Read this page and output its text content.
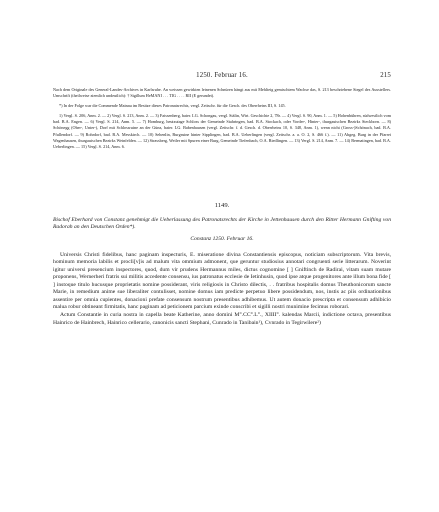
1250. Februar 16.	215

Nach dem Originale des General-Landes-Archives in Karlsruhe. An weissen gewirkten leinenen Schnüren hängt aus mit Mehlteig gemischtem Wachse das, S. 213 beschriebene Siegel des Ausstellers. Umschrift (theilweise ziemlich undeutlich): † Sigillum HeMANI . . . TIG . . . . RII (E gerundet).

*) In der Folge war die Commende Mainau im Besitze dieses Patronatsrechts, vergl. Zeitschr. für die Gesch. des Oberrheins III, S. 145.

1) Vergl. S. 206, Anm. 2. — 2) Vergl. S. 213, Anm. 2. — 3) Faissenberg, baier. LG. Schongau, vergl. Stälin, Wirt. Geschichte 2, 78r. — 4) Vergl. S. 90, Anm. 1. — 5) Hohenbühren, südwestlich vom bad. B.A. Engen. — 6) Vergl. S. 214, Anm. 5. — 7) Homburg, heutzutage Schloss der Gemeinde Stahringen, bad. B.A. Stockach, oder Vorder-, Hinter-, thurgauischen Bezirks Steckborn. — 8) Schönegg (Ober-, Unter-), Dorf mit Schlossruine an der Günz, baier. LG. Babenhausen (vergl. Zeitschr. f. d. Gesch. d. Oberrheins 10, S. 348, Anm. 1), wenn nicht (Gross-)Schönach, bad. B.A. Pfullendorf. — 9) Rohrdorf, bad. B.A. Messkirch. — 10) Sehenlin, Burgruine hinter Sipplingen, bad. B.A. Ueberlingen (vergl. Zeitschr. a. a. O. 2, S. 466 f.). — 11) Abgeg. Burg in der Pfarrei Wagenhausen, thurgauischen Bezirks Weinfelden. — 12) Strassberg, Weiler mit Spuren einer Burg, Gemeinde Tiefenbach, O.A. Riedlingen. — 13) Vergl. S. 214, Anm. 7. — 14) Bermatingen, bad. B.A. Ueberlingen. — 15) Vergl. S. 214, Anm. 6.

1149.
Bischof Eberhard von Constanz genehmigt die Ueberlassung des Patronatsrechts der Kirche in Jettenhausen durch den Ritter Hermann Gnifting von Radorah an den Deutschen Orden*).
Constanz 1250. Februar 16.

Universis Christi fidelibus, hanc paginam inspecturis, E. miseratione divina Constantiensis episcopus, noticiam subscriptorum. Vita brevis, hominum memoria labilis et procli[v]is ad malum vita ommium admonent, que geruntur studiosius annotari congruenti serie litterarum. Noverint igitur universi presencium inspectores, quod, dum vir prudens Hermannus miles, dictus cognomine [ ] Gniftinch de Radirai, vitam suam mutare proponens, Wernerheri fratris sui militis accedente consensu, ius patronatus ecclesie de Ietinhusin, quod ipse atque progenitores ante illum bona fide [ ] instoque titulo hucusque proprietatis nomine possiderant, viris religiosis in Christo dilectis, . . fratribus hospitalis domus Theuthonicorum sancte Marie, in remedium anime sue liberaliter contulisset, nomine domus iam predicte perpetuo libere possidendum, nos, instis ac piis ordinationibus assentire per omnia cupientes, donacioni prefate consensum nostrum presentibus adhibemus. Ut autem donacio prescripta et consensum adhibicio malua robur obtineant firmitatis, hanc paginam ad peticionem parcium exinde conscribi et sigilli nostri munimine fecimus roborari.

Actum Constantie in curia nostra in capella beate Katherine, anno domini M°.CC°.L°., XIIII°. kalendas Marcii, indictione octava, presentibus Hainrico de Hainbrech, Hainrico cellerario, canonicis sancti Stephani, Cunrado in Tanibain¹), Cvnrado in Tegirwilere²)
